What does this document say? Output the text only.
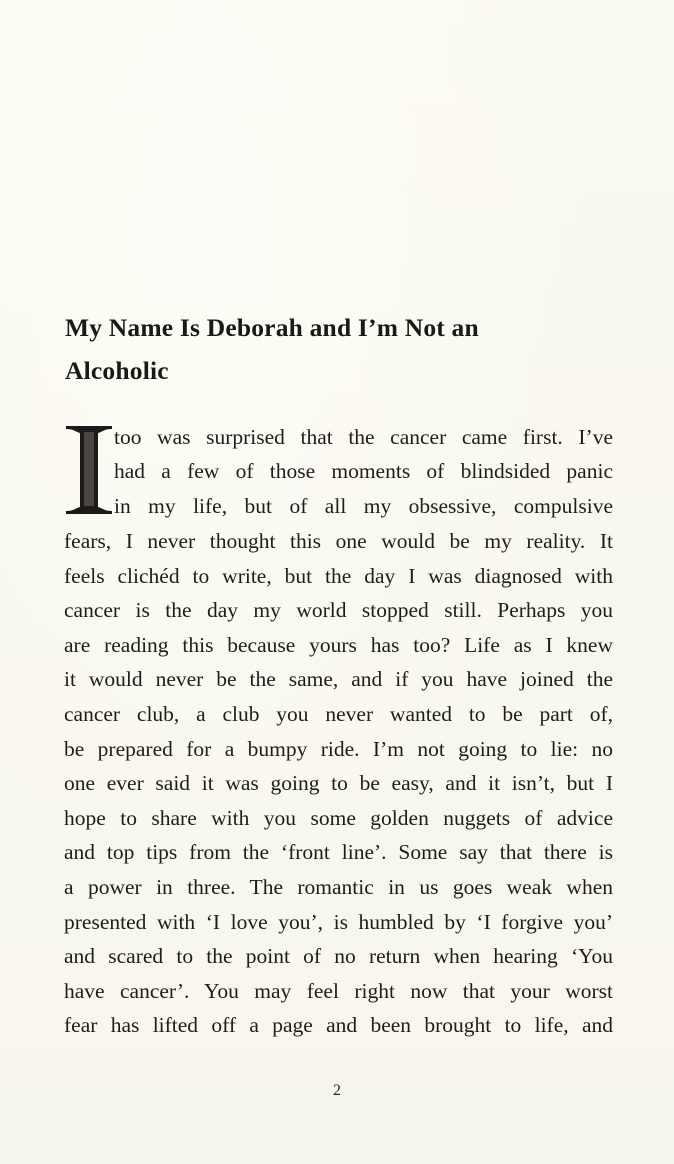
My Name Is Deborah and I’m Not an
Alcoholic

too was surprised that the cancer came first. I’ve

had a few of those moments of blindsided panic

in my life, but of all my obsessive, compulsive

fears, I never thought this one would be my reality. It

feels clichéd to write, but the day I was diagnosed with

cancer is the day my world stopped still. Perhaps you

are reading this because yours has too? Life as I knew

it would never be the same, and if you have joined the

cancer club, a club you never wanted to be part of,

be prepared for a bumpy ride. I’m not going to lie: no

one ever said it was going to be easy, and it isn’t, but I

hope to share with you some golden nuggets of advice

and top tips from the ‘front line’. Some say that there is

a power in three. The romantic in us goes weak when

presented with ‘I love you’, is humbled by ‘I forgive you’

and scared to the point of no return when hearing ‘You

have cancer’. You may feel right now that your worst

fear has lifted off a page and been brought to life, and

2
